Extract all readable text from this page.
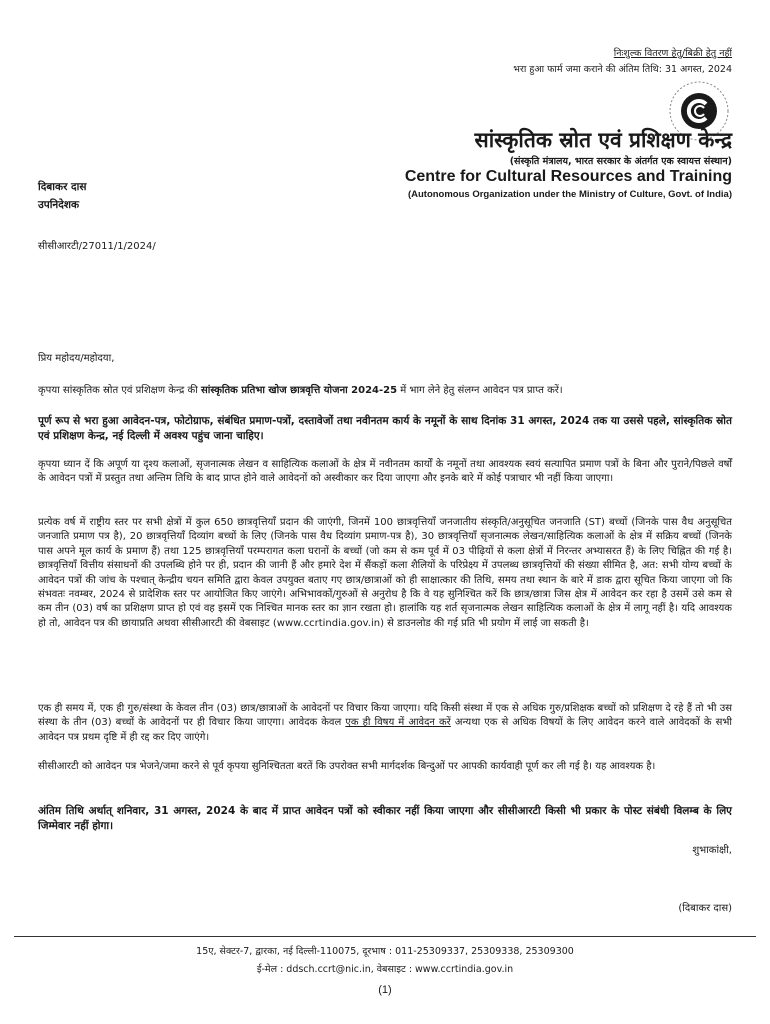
निःशुल्क वितरण हेतु/बिक्री हेतु नहीं
भरा हुआ फार्म जमा कराने की अंतिम तिथि: 31 अगस्त, 2024
सांस्कृतिक स्रोत एवं प्रशिक्षण केन्द्र
(संस्कृति मंत्रालय, भारत सरकार के अंतर्गत एक स्वायत्त संस्थान)
Centre for Cultural Resources and Training
(Autonomous Organization under the Ministry of Culture, Govt. of India)
दिबाकर दास
उपनिदेशक
सीसीआरटी/27011/1/2024/
प्रिय महोदय/महोदया,
कृपया सांस्कृतिक स्रोत एवं प्रशिक्षण केन्द्र की सांस्कृतिक प्रतिभा खोज छात्रवृत्ति योजना 2024-25 में भाग लेने हेतु संलग्न आवेदन पत्र प्राप्त करें।
पूर्ण रूप से भरा हुआ आवेदन-पत्र, फोटोग्राफ, संबंधित प्रमाण-पत्रों, दस्तावेजों तथा नवीनतम कार्य के नमूनों के साथ दिनांक 31 अगस्त, 2024 तक या उससे पहले, सांस्कृतिक स्रोत एवं प्रशिक्षण केन्द्र, नई दिल्ली में अवश्य पहुंच जाना चाहिए।
कृपया ध्यान दें कि अपूर्ण या दृश्य कलाओं, सृजनात्मक लेखन व साहित्यिक कलाओं के क्षेत्र में नवीनतम कार्यों के नमूनों तथा आवश्यक स्वयं सत्यापित प्रमाण पत्रों के बिना और पुराने/पिछले वर्षों के आवेदन पत्रों में प्रस्तुत तथा अन्तिम तिथि के बाद प्राप्त होने वाले आवेदनों को अस्वीकार कर दिया जाएगा और इनके बारे में कोई पत्राचार भी नहीं किया जाएगा।
प्रत्येक वर्ष में राष्ट्रीय स्तर पर सभी क्षेत्रों में कुल 650 छात्रवृत्तियाँ प्रदान की जाएंगी, जिनमें 100 छात्रवृत्तियाँ जनजातीय संस्कृति/अनुसूचित जनजाति (ST) बच्चों (जिनके पास वैध अनुसूचित जनजाति प्रमाण पत्र है), 20 छात्रवृत्तियाँ दिव्यांग बच्चों के लिए (जिनके पास वैध दिव्यांग प्रमाण-पत्र है), 30 छात्रवृत्तियाँ सृजनात्मक लेखन/साहित्यिक कलाओं के क्षेत्र में सक्रिय बच्चों (जिनके पास अपने मूल कार्य के प्रमाण हैं) तथा 125 छात्रवृत्तियाँ परम्परागत कला घरानों के बच्चों (जो कम से कम पूर्व में 03 पीढ़ियों से कला क्षेत्रों में निरन्तर अभ्यासरत हैं) के लिए चिह्नित की गई है। छात्रवृत्तियाँ वित्तीय संसाधनों की उपलब्धि होने पर ही, प्रदान की जानी हैं और हमारे देश में सैंकड़ों कला शैलियों के परिप्रेक्ष्य में उपलब्ध छात्रवृत्तियों की संख्या सीमित है, अत: सभी योग्य बच्चों के आवेदन पत्रों की जांच के पश्चात् केन्द्रीय चयन समिति द्वारा केवल उपयुक्त बताए गए छात्र/छात्राओं को ही साक्षात्कार की तिथि, समय तथा स्थान के बारे में डाक द्वारा सूचित किया जाएगा जो कि संभवतः नवम्बर, 2024 से प्रादेशिक स्तर पर आयोजित किए जाएंगे। अभिभावकों/गुरुओं से अनुरोध है कि वे यह सुनिश्चित करें कि छात्र/छात्रा जिस क्षेत्र में आवेदन कर रहा है उसमें उसे कम से कम तीन (03) वर्ष का प्रशिक्षण प्राप्त हो एवं वह इसमें एक निश्चित मानक स्तर का ज्ञान रखता हो। हालांकि यह शर्त सृजनात्मक लेखन साहित्यिक कलाओं के क्षेत्र में लागू नहीं है। यदि आवश्यक हो तो, आवेदन पत्र की छायाप्रति अथवा सीसीआरटी की वेबसाइट (www.ccrtindia.gov.in) से डाउनलोड की गई प्रति भी प्रयोग में लाई जा सकती है।
एक ही समय में, एक ही गुरु/संस्था के केवल तीन (03) छात्र/छात्राओं के आवेदनों पर विचार किया जाएगा। यदि किसी संस्था में एक से अधिक गुरु/प्रशिक्षक बच्चों को प्रशिक्षण दे रहे हैं तो भी उस संस्था के तीन (03) बच्चों के आवेदनों पर ही विचार किया जाएगा। आवेदक केवल एक ही विषय में आवेदन करें अन्यथा एक से अधिक विषयों के लिए आवेदन करने वाले आवेदकों के सभी आवेदन पत्र प्रथम दृष्टि में ही रद्द कर दिए जाएंगे।
सीसीआरटी को आवेदन पत्र भेजने/जमा करने से पूर्व कृपया सुनिश्चितता बरतें कि उपरोक्त सभी मार्गदर्शक बिन्दुओं पर आपकी कार्यवाही पूर्ण कर ली गई है। यह आवश्यक है।
अंतिम तिथि अर्थात् शनिवार, 31 अगस्त, 2024 के बाद में प्राप्त आवेदन पत्रों को स्वीकार नहीं किया जाएगा और सीसीआरटी किसी भी प्रकार के पोस्ट संबंधी विलम्ब के लिए जिम्मेवार नहीं होगा।
शुभाकांक्षी,
(दिबाकर दास)
15ए, सेक्टर-7, द्वारका, नई दिल्ली-110075, दूरभाष : 011-25309337, 25309338, 25309300
ई-मेल : ddsch.ccrt@nic.in, वेबसाइट : www.ccrtindia.gov.in
(1)
